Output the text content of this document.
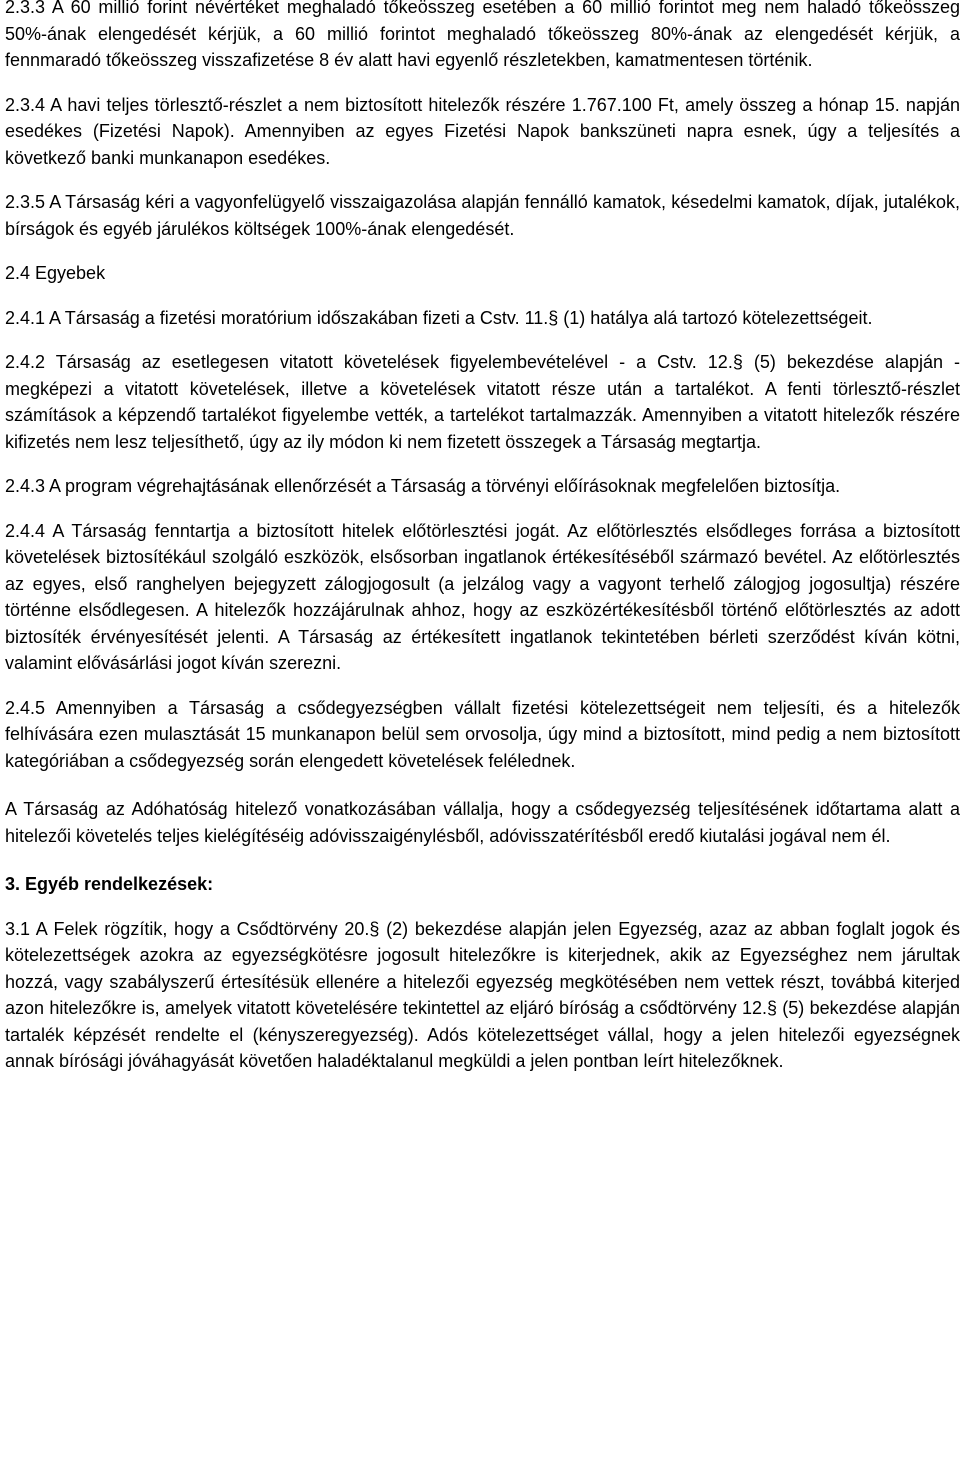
2.3.3 A 60 millió forint névértéket meghaladó tőkeösszeg esetében a 60 millió forintot meg nem haladó tőkeösszeg 50%-ának elengedését kérjük, a 60 millió forintot meghaladó tőkeösszeg 80%-ának az elengedését kérjük, a fennmaradó tőkeösszeg visszafizetése 8 év alatt havi egyenlő részletekben, kamatmentesen történik.

2.3.4 A havi teljes törlesztő-részlet a nem biztosított hitelezők részére 1.767.100 Ft, amely összeg a hónap 15. napján esedékes (Fizetési Napok). Amennyiben az egyes Fizetési Napok bankszüneti napra esnek, úgy a teljesítés a következő banki munkanapon esedékes.

2.3.5 A Társaság kéri a vagyonfelügyelő visszaigazolása alapján fennálló kamatok, késedelmi kamatok, díjak, jutalékok, bírságok és egyéb járulékos költségek 100%-ának elengedését.

2.4 Egyebek

2.4.1 A Társaság a fizetési moratórium időszakában fizeti a Cstv. 11.§ (1) hatálya alá tartozó kötelezettségeit.

2.4.2 Társaság az esetlegesen vitatott követelések figyelembevételével - a Cstv. 12.§ (5) bekezdése alapján - megképezi a vitatott követelések, illetve a követelések vitatott része után a tartalékot. A fenti törlesztő-részlet számítások a képzendő tartalékot figyelembe vették, a tartelékot tartalmazzák. Amennyiben a vitatott hitelezők részére kifizetés nem lesz teljesíthető, úgy az ily módon ki nem fizetett összegek a Társaság megtartja.

2.4.3 A program végrehajtásának ellenőrzését a Társaság a törvényi előírásoknak megfelelően biztosítja.

2.4.4 A Társaság fenntartja a biztosított hitelek előtörlesztési jogát. Az előtörlesztés elsődleges forrása a biztosított követelések biztosítékául szolgáló eszközök, elsősorban ingatlanok értékesítéséből származó bevétel. Az előtörlesztés az egyes, első ranghelyen bejegyzett zálogjogosult (a jelzálog vagy a vagyont terhelő zálogjog jogosultja) részére történne elsődlegesen. A hitelezők hozzájárulnak ahhoz, hogy az eszközértékesítésből történő előtörlesztés az adott biztosíték érvényesítését jelenti. A Társaság az értékesített ingatlanok tekintetében bérleti szerződést kíván kötni, valamint elővásárlási jogot kíván szerezni.

2.4.5 Amennyiben a Társaság a csődegyezségben vállalt fizetési kötelezettségeit nem teljesíti, és a hitelezők felhívására ezen mulasztását 15 munkanapon belül sem orvosolja, úgy mind a biztosított, mind pedig a nem biztosított kategóriában a csődegyezség során elengedett követelések felélednek.

A Társaság az Adóhatóság hitelező vonatkozásában vállalja, hogy a csődegyezség teljesítésének időtartama alatt a hitelezői követelés teljes kielégítéséig adóvisszaigénylésből, adóvisszatérítésből eredő kiutalási jogával nem él.

3. Egyéb rendelkezések:

3.1 A Felek rögzítik, hogy a Csődtörvény 20.§ (2) bekezdése alapján jelen Egyezség, azaz az abban foglalt jogok és kötelezettségek azokra az egyezségkötésre jogosult hitelezőkre is kiterjednek, akik az Egyezséghez nem járultak hozzá, vagy szabályszerű értesítésük ellenére a hitelezői egyezség megkötésében nem vettek részt, továbbá kiterjed azon hitelezőkre is, amelyek vitatott követelésére tekintettel az eljáró bíróság a csődtörvény 12.§ (5) bekezdése alapján tartalék képzését rendelte el (kényszeregyezség). Adós kötelezettséget vállal, hogy a jelen hitelezői egyezségnek annak bírósági jóváhagyását követően haladéktalanul megküldi a jelen pontban leírt hitelezőknek.
